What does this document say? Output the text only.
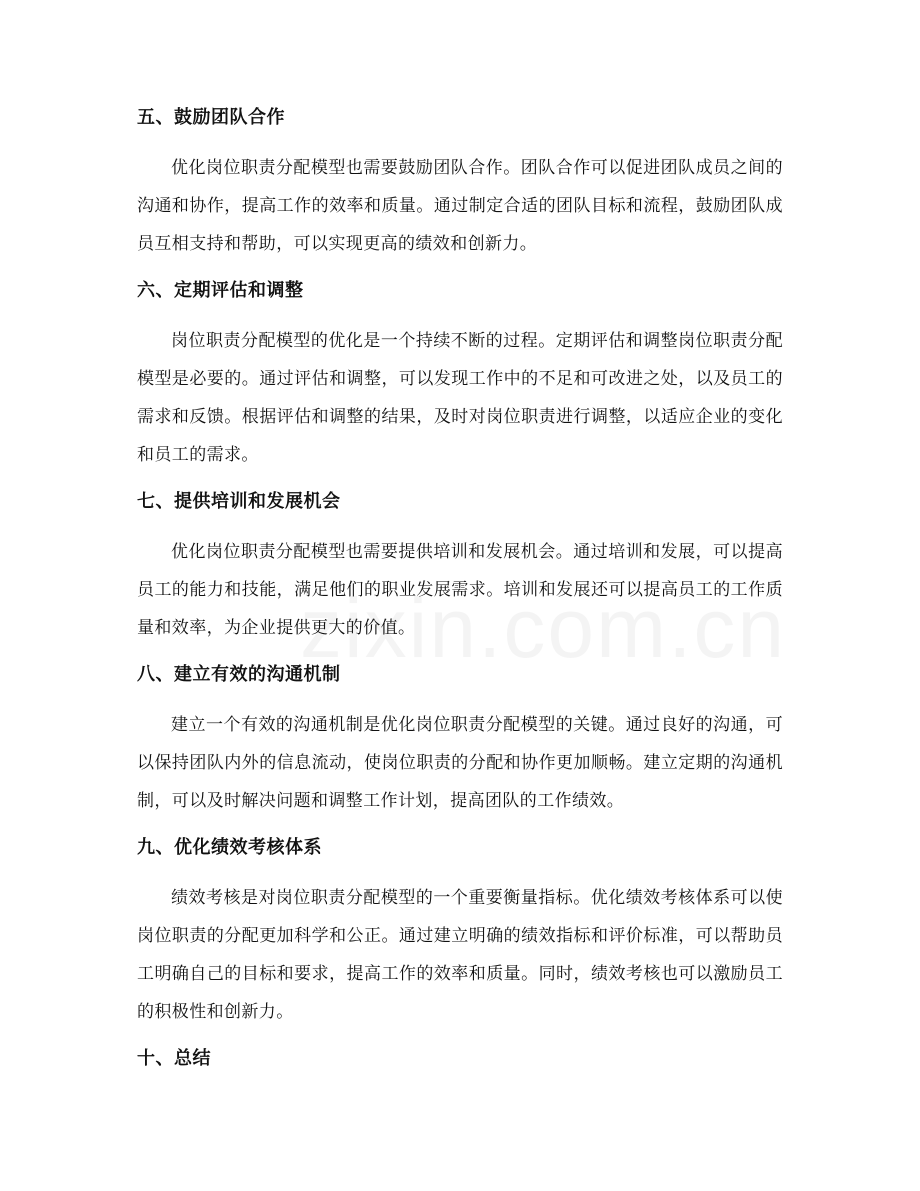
五、鼓励团队合作

优化岗位职责分配模型也需要鼓励团队合作。团队合作可以促进团队成员之间的沟通和协作，提高工作的效率和质量。通过制定合适的团队目标和流程，鼓励团队成员互相支持和帮助，可以实现更高的绩效和创新力。

六、定期评估和调整

岗位职责分配模型的优化是一个持续不断的过程。定期评估和调整岗位职责分配模型是必要的。通过评估和调整，可以发现工作中的不足和可改进之处，以及员工的需求和反馈。根据评估和调整的结果，及时对岗位职责进行调整，以适应企业的变化和员工的需求。

七、提供培训和发展机会

优化岗位职责分配模型也需要提供培训和发展机会。通过培训和发展，可以提高员工的能力和技能，满足他们的职业发展需求。培训和发展还可以提高员工的工作质量和效率，为企业提供更大的价值。

八、建立有效的沟通机制

建立一个有效的沟通机制是优化岗位职责分配模型的关键。通过良好的沟通，可以保持团队内外的信息流动，使岗位职责的分配和协作更加顺畅。建立定期的沟通机制，可以及时解决问题和调整工作计划，提高团队的工作绩效。

九、优化绩效考核体系

绩效考核是对岗位职责分配模型的一个重要衡量指标。优化绩效考核体系可以使岗位职责的分配更加科学和公正。通过建立明确的绩效指标和评价标准，可以帮助员工明确自己的目标和要求，提高工作的效率和质量。同时，绩效考核也可以激励员工的积极性和创新力。

十、总结
